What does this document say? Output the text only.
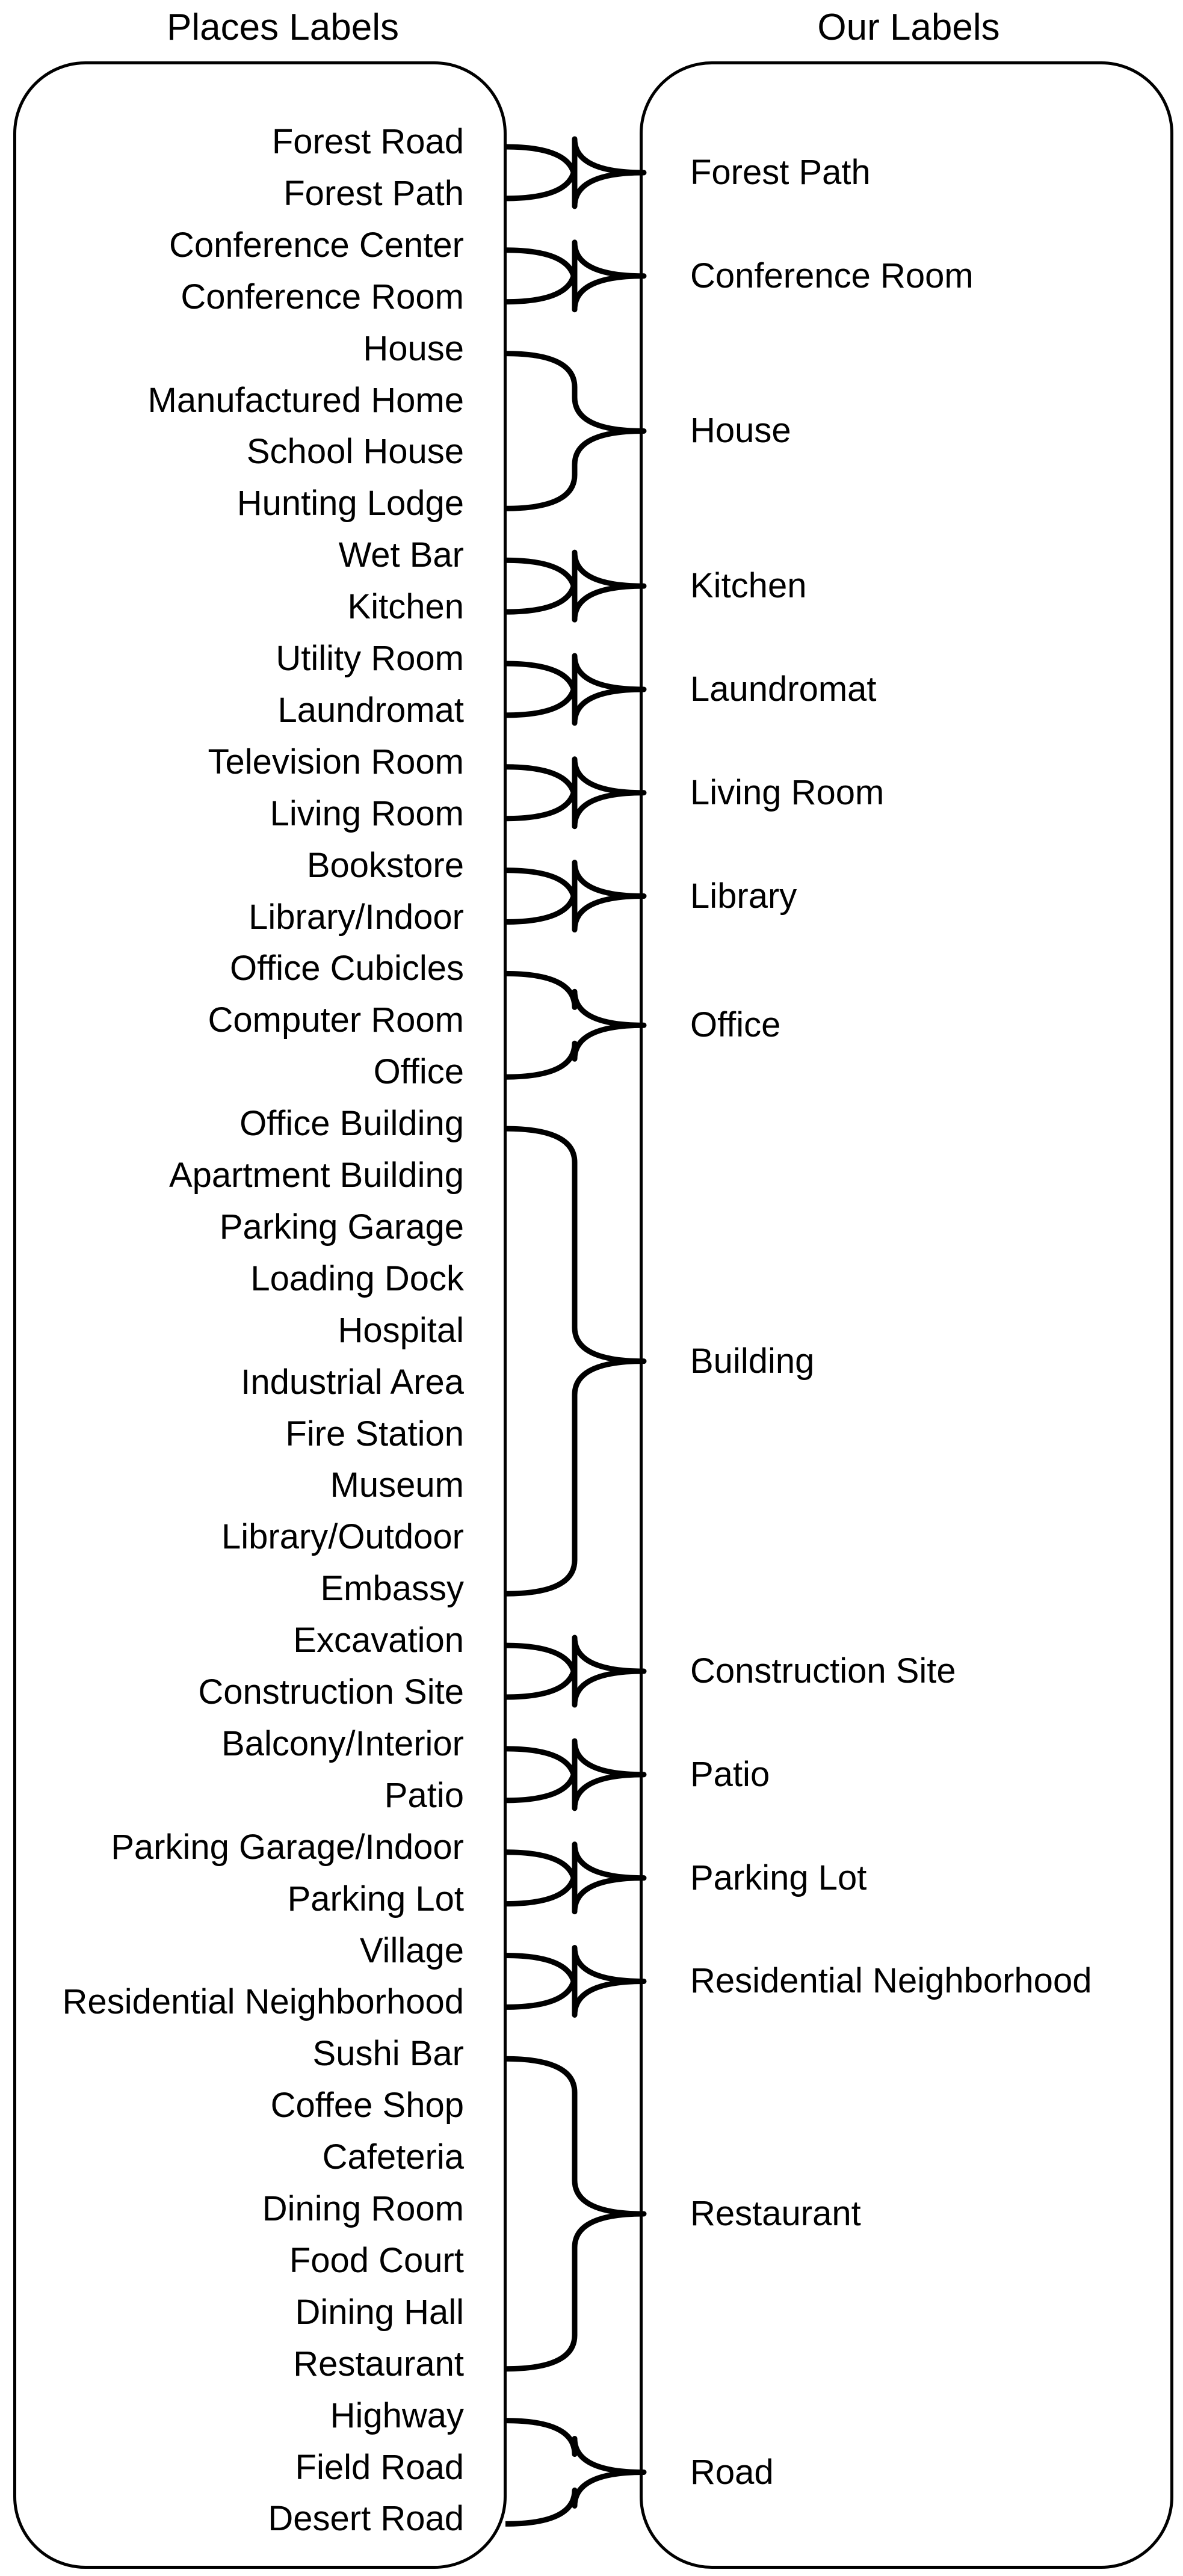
Places Labels	Our Labels
Forest Road
Forest Path
Forest Path
Conference Center
Conference Room
Conference Room
House
Manufactured Home
School House
Hunting Lodge
House
Wet Bar
Kitchen
Kitchen
Utility Room
Laundromat
Laundromat
Television Room
Living Room
Living Room
Bookstore
Library/Indoor
Library
Office Cubicles
Computer Room
Office
Office
Office Building
Apartment Building
Parking Garage
Loading Dock
Hospital
Industrial Area
Fire Station
Museum
Library/Outdoor
Embassy
Building
Excavation
Construction Site
Construction Site
Balcony/Interior
Patio
Patio
Parking Garage/Indoor
Parking Lot
Parking Lot
Village
Residential Neighborhood
Residential Neighborhood
Sushi Bar
Coffee Shop
Cafeteria
Dining Room
Food Court
Dining Hall
Restaurant
Restaurant
Highway
Field Road
Desert Road
Road
